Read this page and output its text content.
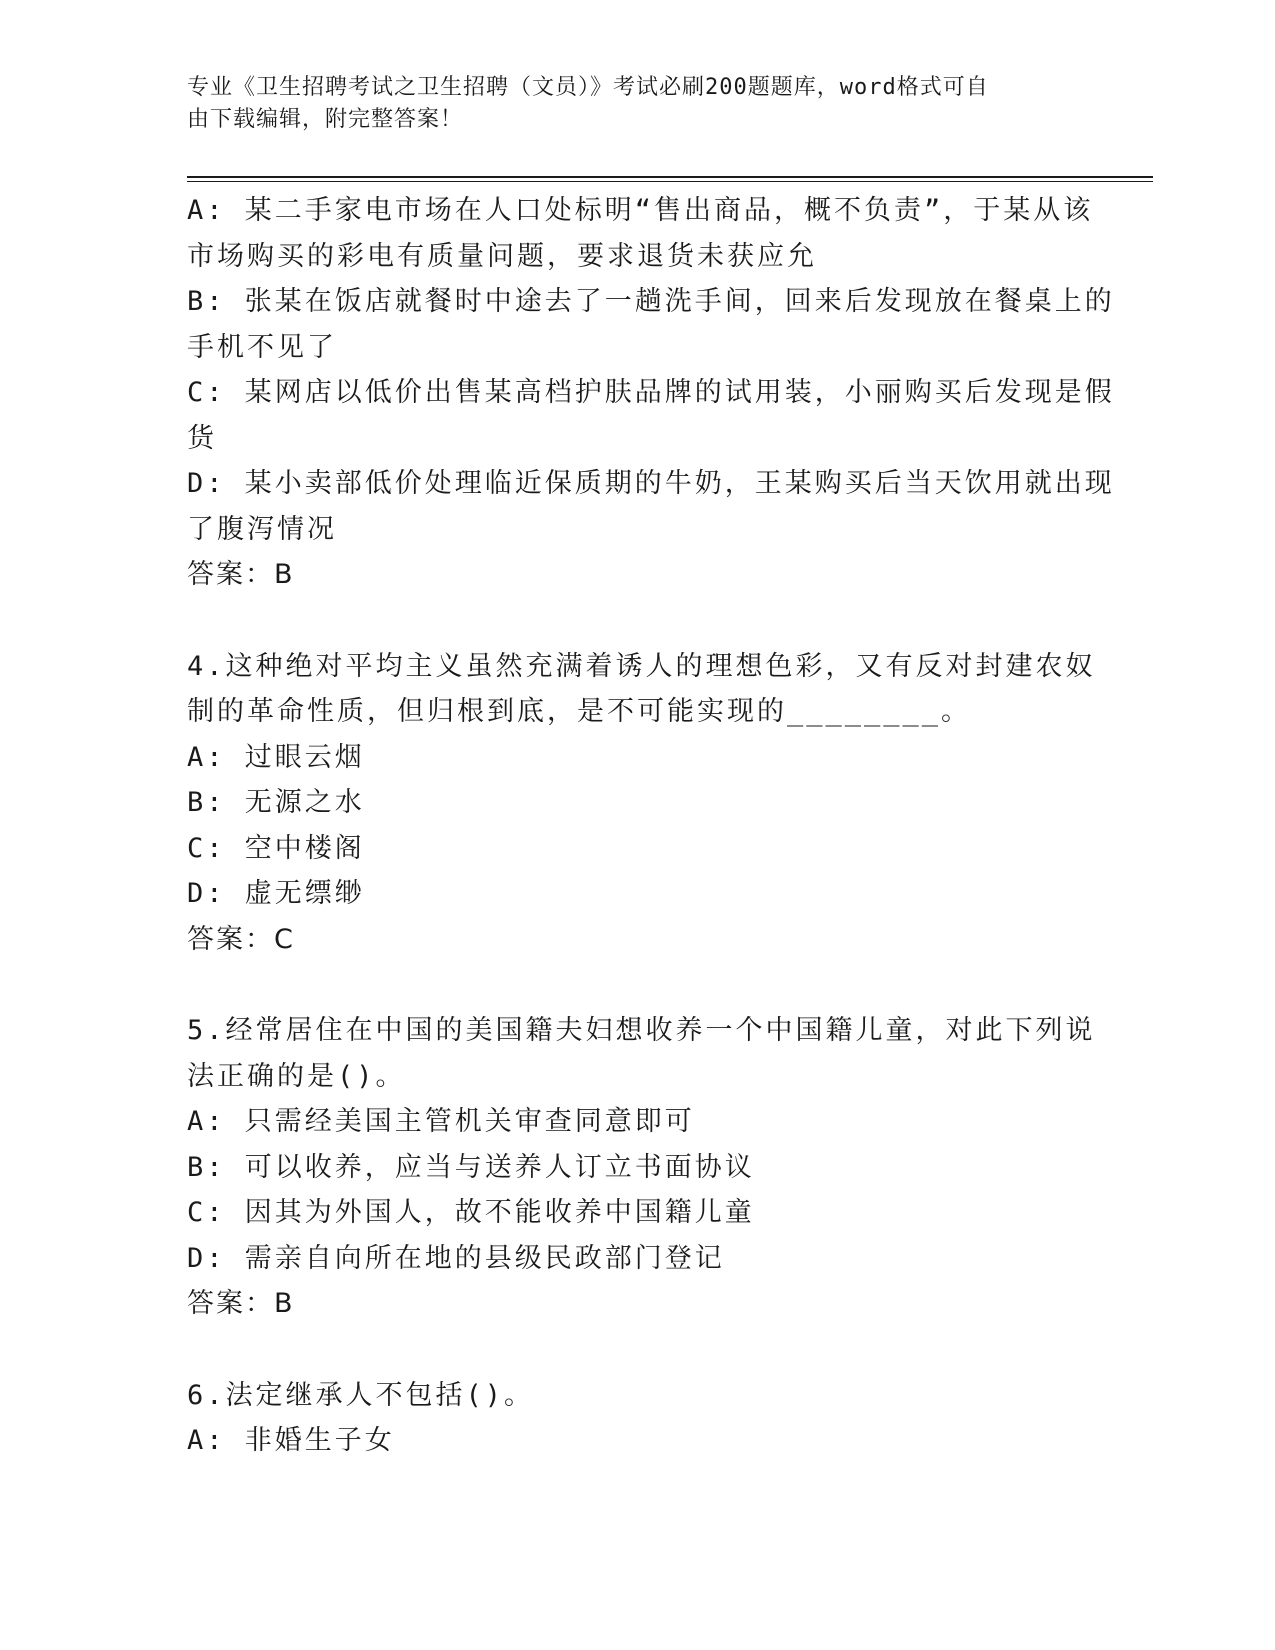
专业《卫生招聘考试之卫生招聘（文员）》考试必刷200题题库，word格式可自
由下载编辑，附完整答案！
A: 某二手家电市场在人口处标明“售出商品，概不负责”，于某从该
市场购买的彩电有质量问题，要求退货未获应允
B: 张某在饭店就餐时中途去了一趟洗手间，回来后发现放在餐桌上的
手机不见了
C: 某网店以低价出售某高档护肤品牌的试用装，小丽购买后发现是假
货
D: 某小卖部低价处理临近保质期的牛奶，王某购买后当天饮用就出现
了腹泻情况
答案：B
4.这种绝对平均主义虽然充满着诱人的理想色彩，又有反对封建农奴
制的革命性质，但归根到底，是不可能实现的________。
A: 过眼云烟
B: 无源之水
C: 空中楼阁
D: 虚无缥缈
答案：C
5.经常居住在中国的美国籍夫妇想收养一个中国籍儿童，对此下列说
法正确的是()。
A: 只需经美国主管机关审查同意即可
B: 可以收养，应当与送养人订立书面协议
C: 因其为外国人，故不能收养中国籍儿童
D: 需亲自向所在地的县级民政部门登记
答案：B
6.法定继承人不包括()。
A: 非婚生子女
